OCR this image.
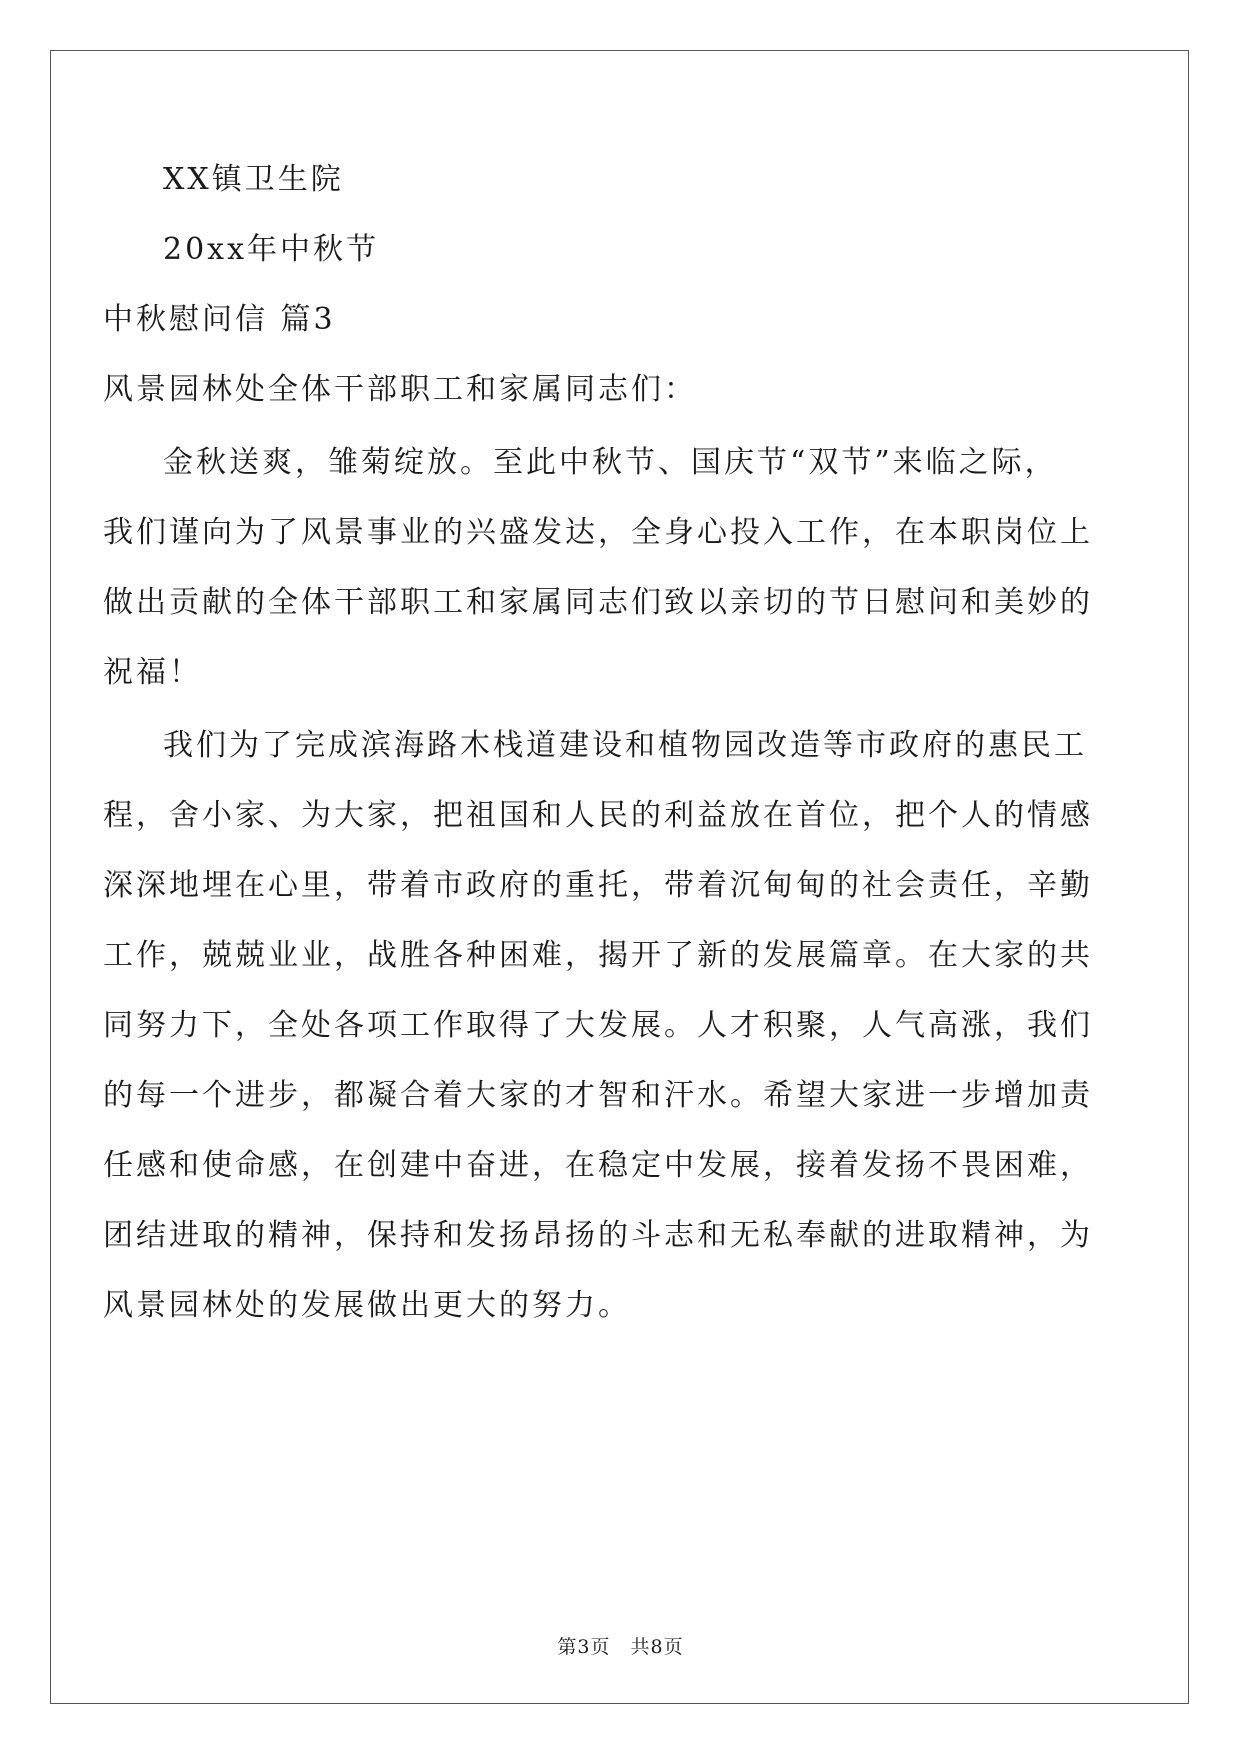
XX镇卫生院
20xx年中秋节
中秋慰问信 篇3
风景园林处全体干部职工和家属同志们：
金秋送爽，雏菊绽放。至此中秋节、国庆节“双节”来临之际，
我们谨向为了风景事业的兴盛发达，全身心投入工作，在本职岗位上
做出贡献的全体干部职工和家属同志们致以亲切的节日慰问和美妙的
祝福！
我们为了完成滨海路木栈道建设和植物园改造等市政府的惠民工
程，舍小家、为大家，把祖国和人民的利益放在首位，把个人的情感
深深地埋在心里，带着市政府的重托，带着沉甸甸的社会责任，辛勤
工作，兢兢业业，战胜各种困难，揭开了新的发展篇章。在大家的共
同努力下，全处各项工作取得了大发展。人才积聚，人气高涨，我们
的每一个进步，都凝合着大家的才智和汗水。希望大家进一步增加责
任感和使命感，在创建中奋进，在稳定中发展，接着发扬不畏困难，
团结进取的精神，保持和发扬昂扬的斗志和无私奉献的进取精神，为
风景园林处的发展做出更大的努力。
第3页　共8页
